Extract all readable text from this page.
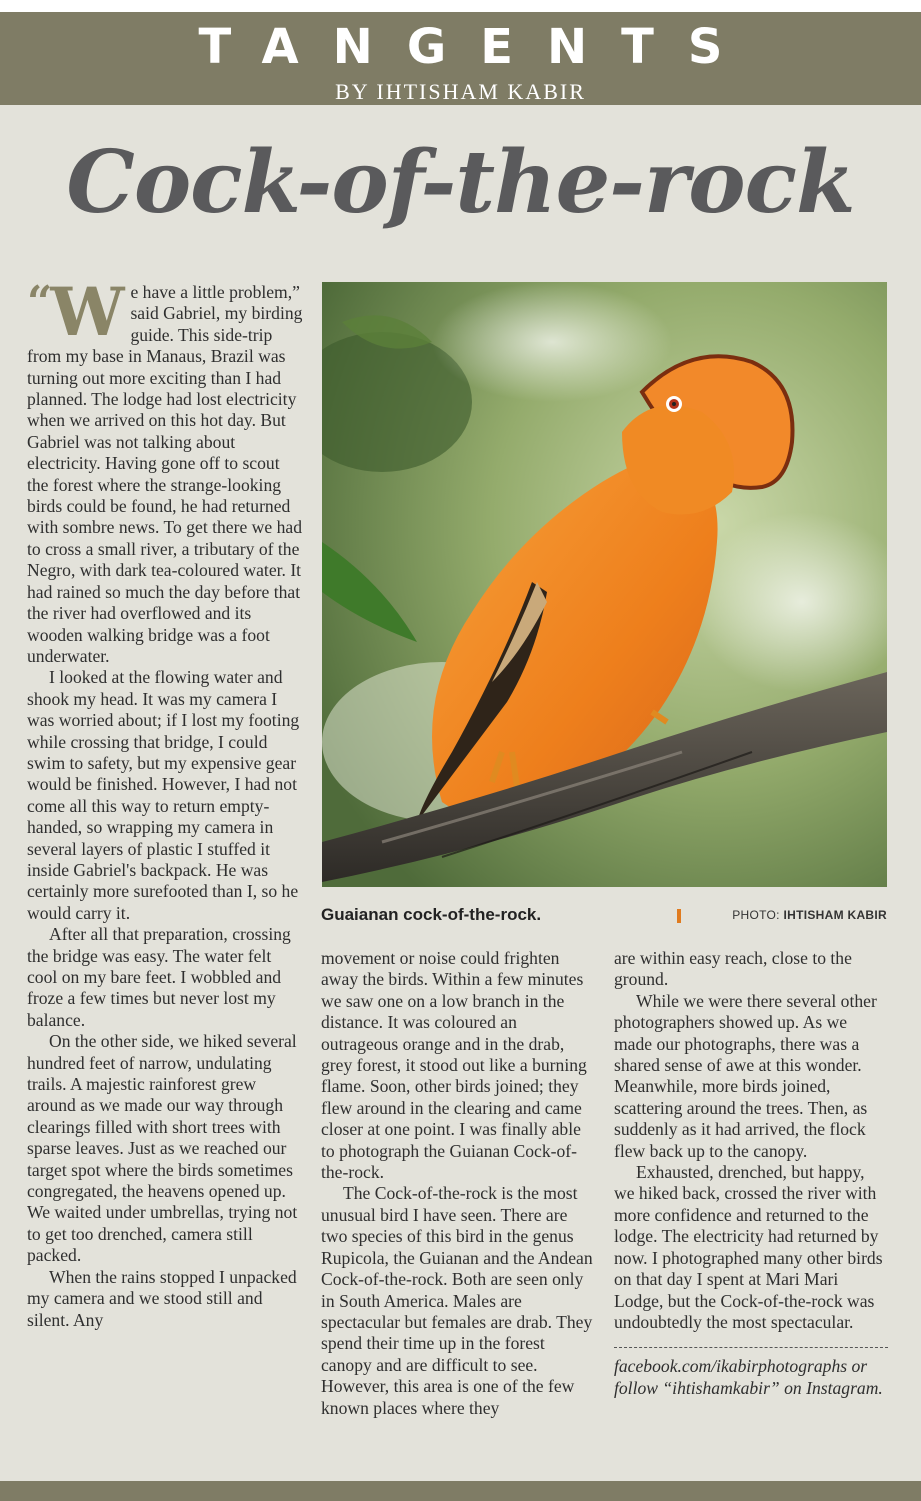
TANGENTS
BY IHTISHAM KABIR
Cock-of-the-rock

“W e have a little problem,” said Gabriel, my birding guide. This side-trip from my base in Manaus, Brazil was turning out more exciting than I had planned. The lodge had lost electricity when we arrived on this hot day. But Gabriel was not talking about electricity. Having gone off to scout the forest where the strange-looking birds could be found, he had returned with sombre news. To get there we had to cross a small river, a tributary of the Negro, with dark tea-coloured water. It had rained so much the day before that the river had overflowed and its wooden walking bridge was a foot underwater.

I looked at the flowing water and shook my head. It was my camera I was worried about; if I lost my footing while crossing that bridge, I could swim to safety, but my expensive gear would be finished. However, I had not come all this way to return empty-handed, so wrapping my camera in several layers of plastic I stuffed it inside Gabriel's backpack. He was certainly more surefooted than I, so he would carry it.

After all that preparation, crossing the bridge was easy. The water felt cool on my bare feet. I wobbled and froze a few times but never lost my balance.

On the other side, we hiked several hundred feet of narrow, undulating trails. A majestic rainforest grew around as we made our way through clearings filled with short trees with sparse leaves. Just as we reached our target spot where the birds sometimes congregated, the heavens opened up. We waited under umbrellas, trying not to get too drenched, camera still packed.

When the rains stopped I unpacked my camera and we stood still and silent. Any

Guaianan cock-of-the-rock.	PHOTO: IHTISHAM KABIR

movement or noise could frighten away the birds. Within a few minutes we saw one on a low branch in the distance. It was coloured an outrageous orange and in the drab, grey forest, it stood out like a burning flame. Soon, other birds joined; they flew around in the clearing and came closer at one point. I was finally able to photograph the Guianan Cock-of-the-rock.

The Cock-of-the-rock is the most unusual bird I have seen. There are two species of this bird in the genus Rupicola, the Guianan and the Andean Cock-of-the-rock. Both are seen only in South America. Males are spectacular but females are drab. They spend their time up in the forest canopy and are difficult to see. However, this area is one of the few known places where they

are within easy reach, close to the ground.

While we were there several other photographers showed up. As we made our photographs, there was a shared sense of awe at this wonder. Meanwhile, more birds joined, scattering around the trees. Then, as suddenly as it had arrived, the flock flew back up to the canopy.

Exhausted, drenched, but happy, we hiked back, crossed the river with more confidence and returned to the lodge. The electricity had returned by now. I photographed many other birds on that day I spent at Mari Mari Lodge, but the Cock-of-the-rock was undoubtedly the most spectacular.

facebook.com/ikabirphotographs or follow “ihtishamkabir” on Instagram.
